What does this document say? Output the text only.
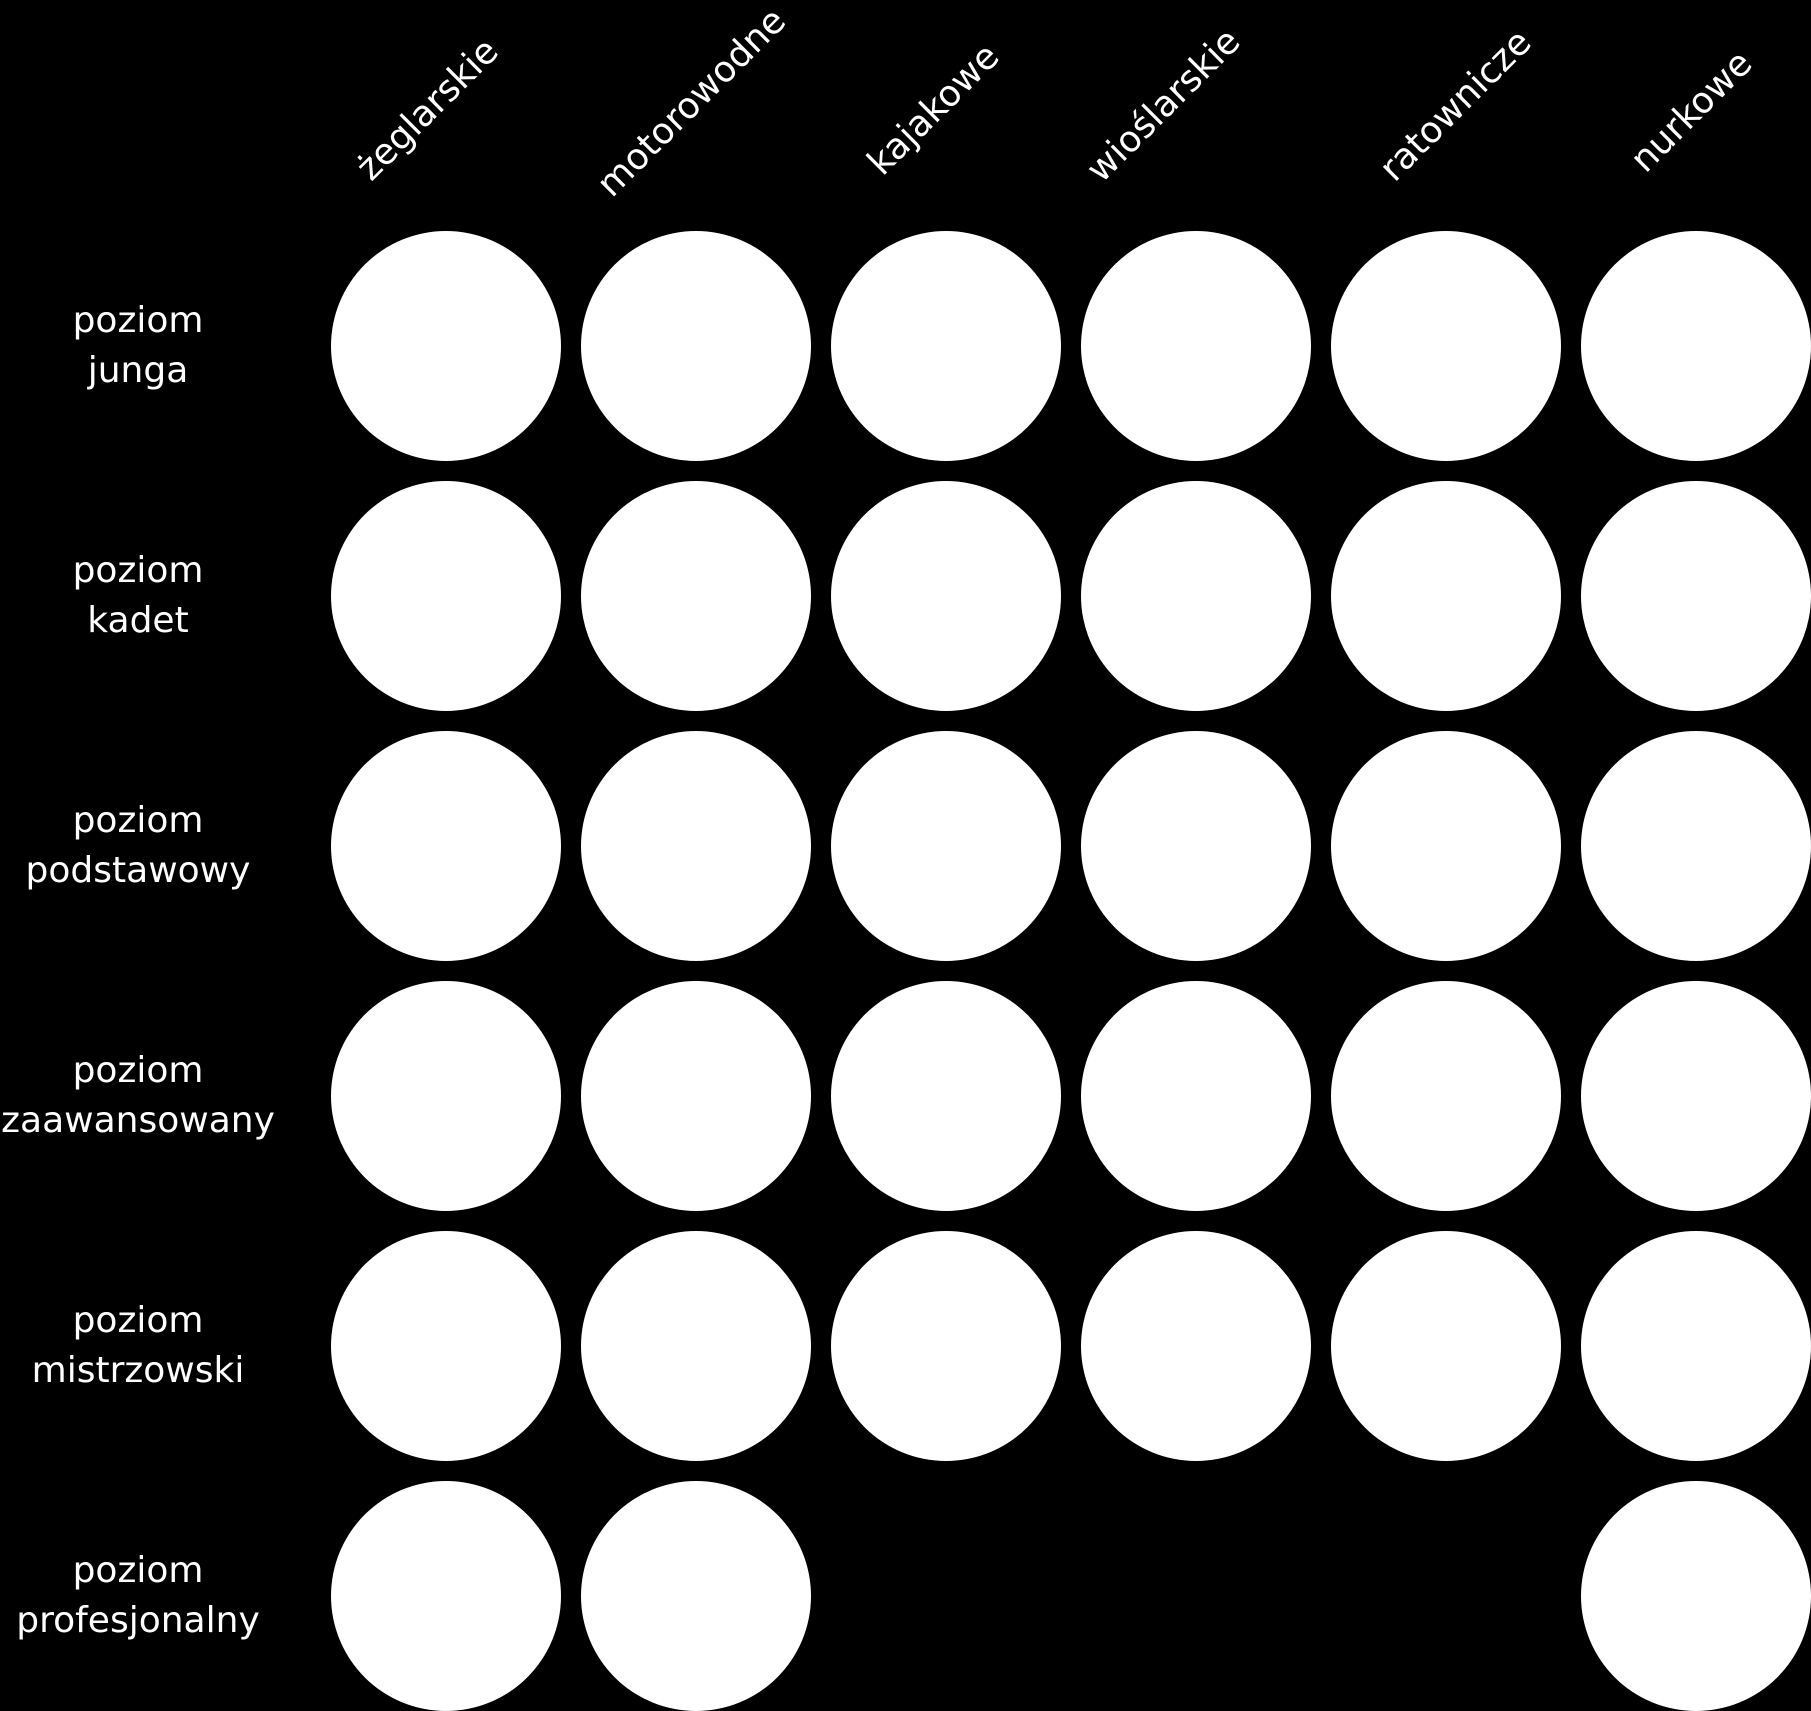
żeglarskie motorowodne kajakowe wioślarskie	ratownicze nurkowe
poziom
junga
poziom
kadet
poziom
podstawowy
poziom
zaawansowany
poziom
mistrzowski
poziom
profesjonalny
